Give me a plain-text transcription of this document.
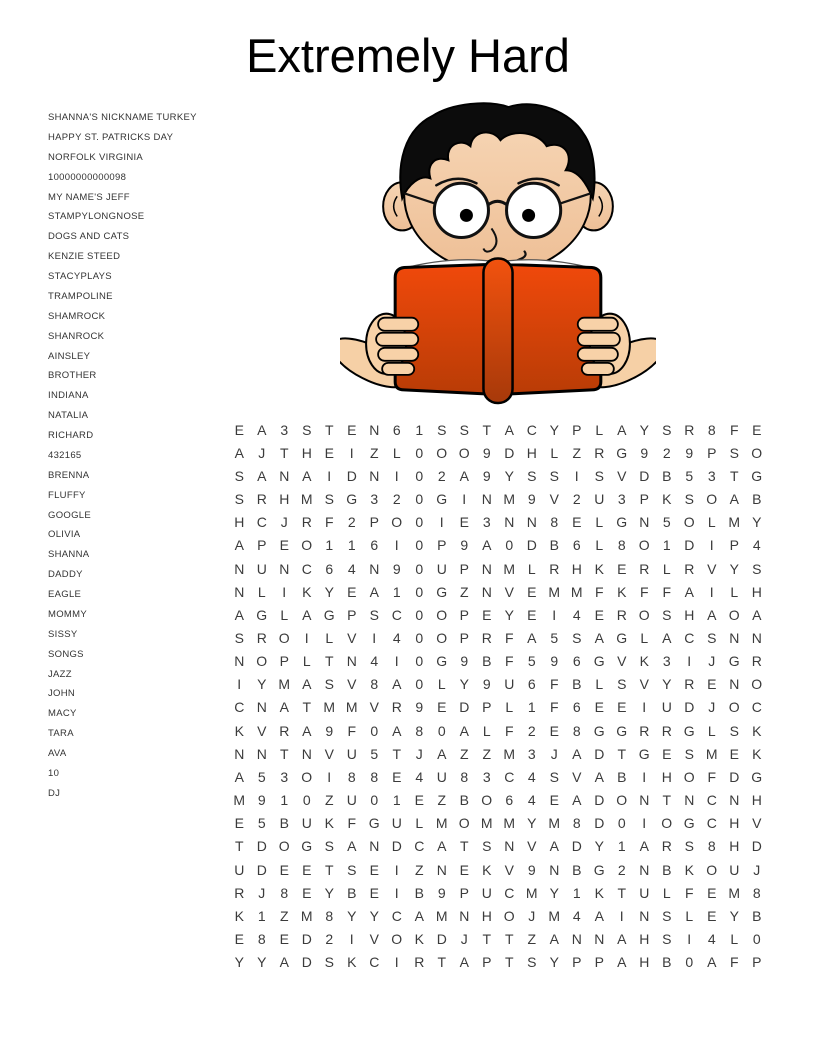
Extremely Hard
SHANNA'S NICKNAME TURKEY
HAPPY ST. PATRICKS DAY
NORFOLK VIRGINIA
10000000000098
MY NAME'S JEFF
STAMPYLONGNOSE
DOGS AND CATS
KENZIE STEED
STACYPLAYS
TRAMPOLINE
SHAMROCK
SHANROCK
AINSLEY
BROTHER
INDIANA
NATALIA
RICHARD
432165
BRENNA
FLUFFY
GOOGLE
OLIVIA
SHANNA
DADDY
EAGLE
MOMMY
SISSY
SONGS
JAZZ
JOHN
MACY
TARA
AVA
10
DJ
E A 3 S T E N 6	1 S S T A C Y P L A Y S R 8	F E
A	J	T H E	I	Z	L	0 O O 9 D H L	Z R G 9	2	9 P S O
S A N A	I	D N	I	0	2 A 9 Y S S	I	S V D B 5	3	T G
S R H M S G 3	2	0 G	I	N M 9 V 2 U 3 P K S O A B
H C J R F	2 P O 0	I	E 3 N N 8 E L G N 5 O L M Y
A P E O 1	1	6	I	0 P 9 A 0 D B 6	L	8 O 1 D	I	P 4
N U N C 6	4 N 9	0 U P N M L R H K E R L R V Y S
N L	I	K Y E A 1	0 G Z N V E M M F K F F A	I	L H
A G L A G P S C 0 O P E Y E	I	4 E R O S H A O A
S R O	I	L V	I	4	0 O P R F A 5 S A G L A C S N N
N O P L	T N 4	I	0 G 9 B F	5	9	6 G V K 3	I	J G R
I	Y M A S V 8 A 0	L Y 9 U 6	F B L S V Y R E N O
C N A T M M V R 9 E D P L	1	F	6 E E	I	U D J O C
K V R A 9	F	0 A 8	0 A L	F	2 E 8 G G R R G L S K
N N T N V U 5	T	J	A Z Z M 3	J	A D T G E S M E K
A 5	3 O	I	8	8 E 4 U 8	3 C 4 S V A B	I	H O F D G
M 9	1	0	Z U 0	1 E Z B O 6	4 E A D O N T N C N H
E 5 B U K F G U L M O M M Y M 8 D 0	I	O G C H V
T D O G S A N D C A T S N V A D Y 1 A R S 8 H D
U D E E T S E	I	Z N E K V 9 N B G 2 N B K O U J
R J	8 E Y B E	I	B 9 P U C M Y 1 K T U L	F E M 8
K 1	Z M 8 Y Y C A M N H O J M 4 A	I	N S L E Y B
E 8 E D 2	I	V O K D J	T T Z A N N A H S	I	4	L	0
Y Y A D S K C	I	R T A P T S Y P P A H B 0 A F P
